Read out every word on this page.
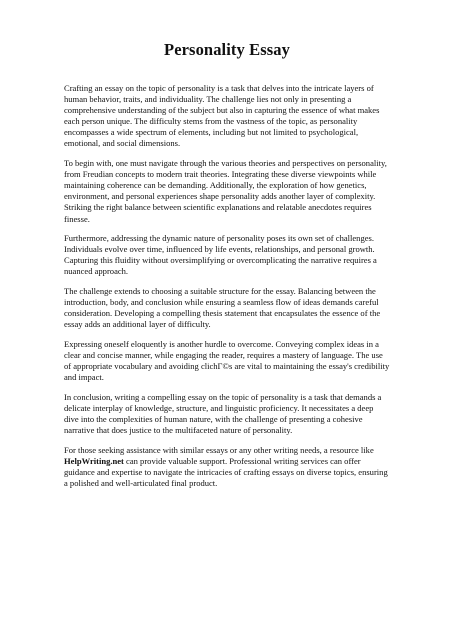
Personality Essay

Crafting an essay on the topic of personality is a task that delves into the intricate layers of human behavior, traits, and individuality. The challenge lies not only in presenting a comprehensive understanding of the subject but also in capturing the essence of what makes each person unique. The difficulty stems from the vastness of the topic, as personality encompasses a wide spectrum of elements, including but not limited to psychological, emotional, and social dimensions.

To begin with, one must navigate through the various theories and perspectives on personality, from Freudian concepts to modern trait theories. Integrating these diverse viewpoints while maintaining coherence can be demanding. Additionally, the exploration of how genetics, environment, and personal experiences shape personality adds another layer of complexity. Striking the right balance between scientific explanations and relatable anecdotes requires finesse.

Furthermore, addressing the dynamic nature of personality poses its own set of challenges. Individuals evolve over time, influenced by life events, relationships, and personal growth. Capturing this fluidity without oversimplifying or overcomplicating the narrative requires a nuanced approach.

The challenge extends to choosing a suitable structure for the essay. Balancing between the introduction, body, and conclusion while ensuring a seamless flow of ideas demands careful consideration. Developing a compelling thesis statement that encapsulates the essence of the essay adds an additional layer of difficulty.

Expressing oneself eloquently is another hurdle to overcome. Conveying complex ideas in a clear and concise manner, while engaging the reader, requires a mastery of language. The use of appropriate vocabulary and avoiding clichГ©s are vital to maintaining the essay's credibility and impact.

In conclusion, writing a compelling essay on the topic of personality is a task that demands a delicate interplay of knowledge, structure, and linguistic proficiency. It necessitates a deep dive into the complexities of human nature, with the challenge of presenting a cohesive narrative that does justice to the multifaceted nature of personality.

For those seeking assistance with similar essays or any other writing needs, a resource like HelpWriting.net can provide valuable support. Professional writing services can offer guidance and expertise to navigate the intricacies of crafting essays on diverse topics, ensuring a polished and well-articulated final product.
